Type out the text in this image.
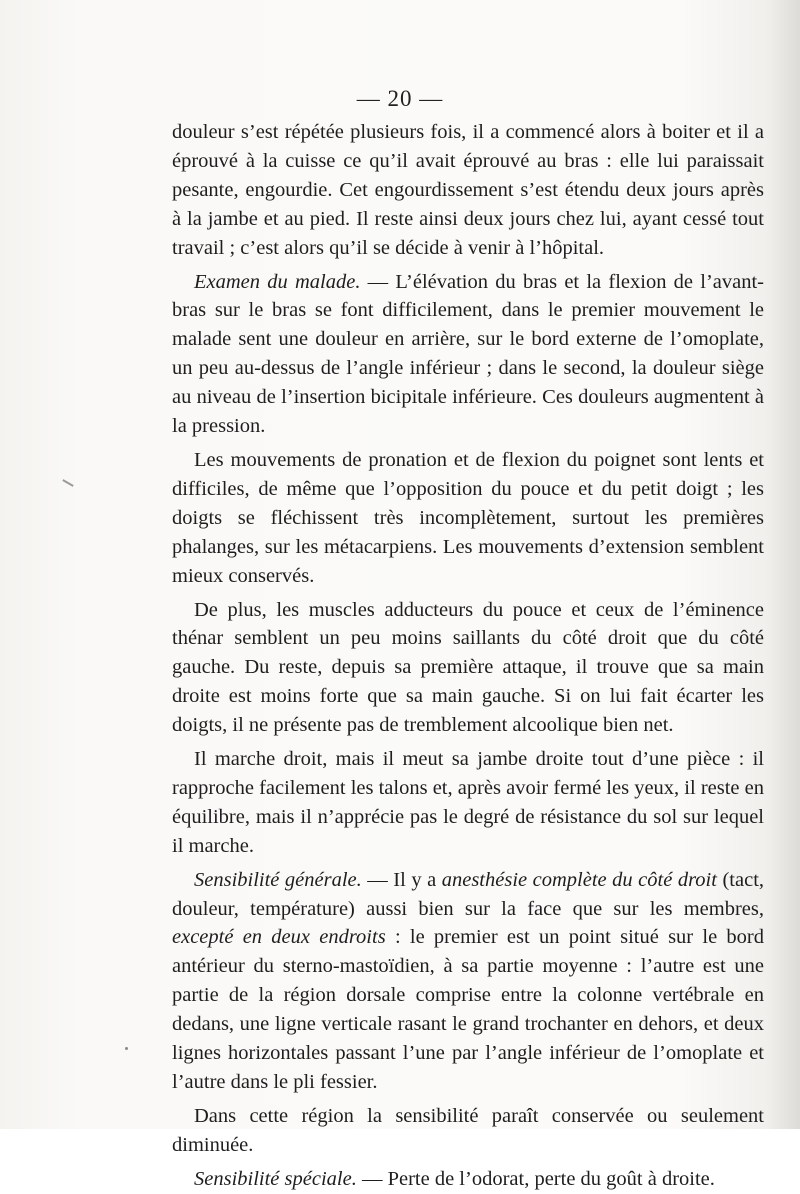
— 20 —

douleur s’est répétée plusieurs fois, il a commencé alors à boiter et il a éprouvé à la cuisse ce qu’il avait éprouvé au bras : elle lui paraissait pesante, engourdie. Cet engourdissement s’est étendu deux jours après à la jambe et au pied. Il reste ainsi deux jours chez lui, ayant cessé tout travail ; c’est alors qu’il se décide à venir à l’hôpital.

Examen du malade. — L’élévation du bras et la flexion de l’avant-bras sur le bras se font difficilement, dans le premier mouvement le malade sent une douleur en arrière, sur le bord externe de l’omoplate, un peu au-dessus de l’angle inférieur ; dans le second, la douleur siège au niveau de l’insertion bicipitale inférieure. Ces douleurs augmentent à la pression.

Les mouvements de pronation et de flexion du poignet sont lents et difficiles, de même que l’opposition du pouce et du petit doigt ; les doigts se fléchissent très incomplètement, surtout les premières phalanges, sur les métacarpiens. Les mouvements d’extension semblent mieux conservés.

De plus, les muscles adducteurs du pouce et ceux de l’éminence thénar semblent un peu moins saillants du côté droit que du côté gauche. Du reste, depuis sa première attaque, il trouve que sa main droite est moins forte que sa main gauche. Si on lui fait écarter les doigts, il ne présente pas de tremblement alcoolique bien net.

Il marche droit, mais il meut sa jambe droite tout d’une pièce : il rapproche facilement les talons et, après avoir fermé les yeux, il reste en équilibre, mais il n’apprécie pas le degré de résistance du sol sur lequel il marche.

Sensibilité générale. — Il y a anesthésie complète du côté droit (tact, douleur, température) aussi bien sur la face que sur les membres, excepté en deux endroits : le premier est un point situé sur le bord antérieur du sterno-mastoïdien, à sa partie moyenne : l’autre est une partie de la région dorsale comprise entre la colonne vertébrale en dedans, une ligne verticale rasant le grand trochanter en dehors, et deux lignes horizontales passant l’une par l’angle inférieur de l’omoplate et l’autre dans le pli fessier.

Dans cette région la sensibilité paraît conservée ou seulement diminuée.

Sensibilité spéciale. — Perte de l’odorat, perte du goût à droite.
